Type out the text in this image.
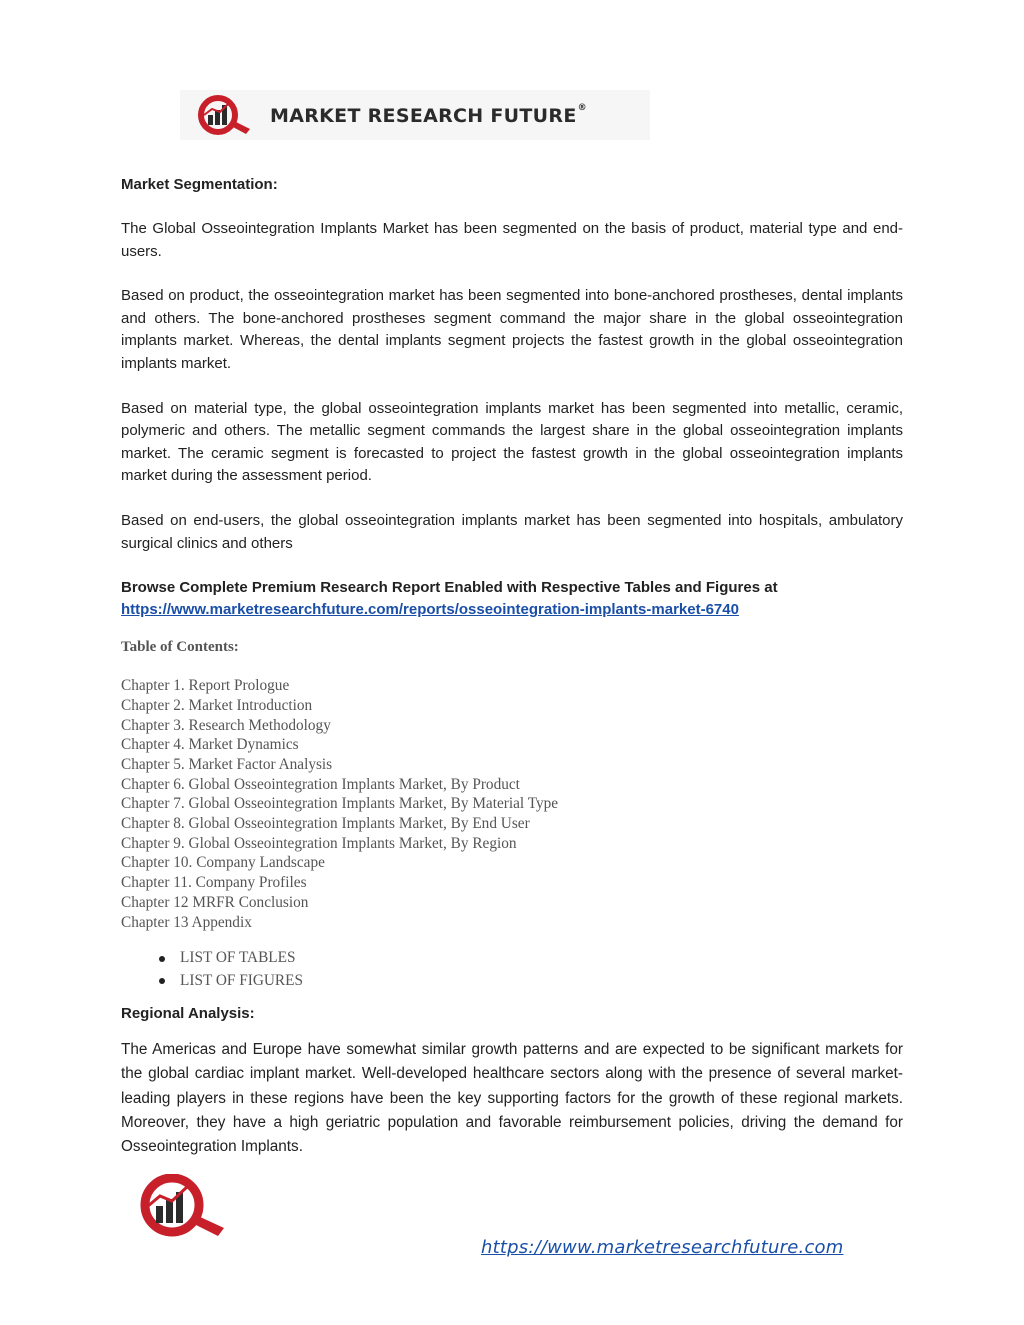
MARKET RESEARCH FUTURE®

Market Segmentation:

The Global Osseointegration Implants Market has been segmented on the basis of product, material type and end-users.

Based on product, the osseointegration market has been segmented into bone-anchored prostheses, dental implants and others. The bone-anchored prostheses segment command the major share in the global osseointegration implants market. Whereas, the dental implants segment projects the fastest growth in the global osseointegration implants market.

Based on material type, the global osseointegration implants market has been segmented into metallic, ceramic, polymeric and others. The metallic segment commands the largest share in the global osseointegration implants market. The ceramic segment is forecasted to project the fastest growth in the global osseointegration implants market during the assessment period.

Based on end-users, the global osseointegration implants market has been segmented into hospitals, ambulatory surgical clinics and others

Browse Complete Premium Research Report Enabled with Respective Tables and Figures at

https://www.marketresearchfuture.com/reports/osseointegration-implants-market-6740

Table of Contents:

Chapter 1. Report Prologue
Chapter 2. Market Introduction
Chapter 3. Research Methodology
Chapter 4. Market Dynamics
Chapter 5. Market Factor Analysis
Chapter 6. Global Osseointegration Implants Market, By Product
Chapter 7. Global Osseointegration Implants Market, By Material Type
Chapter 8. Global Osseointegration Implants Market, By End User
Chapter 9. Global Osseointegration Implants Market, By Region
Chapter 10. Company Landscape
Chapter 11. Company Profiles
Chapter 12 MRFR Conclusion
Chapter 13 Appendix
LIST OF TABLES
LIST OF FIGURES

Regional Analysis:

The Americas and Europe have somewhat similar growth patterns and are expected to be significant markets for the global cardiac implant market. Well-developed healthcare sectors along with the presence of several market-leading players in these regions have been the key supporting factors for the growth of these regional markets. Moreover, they have a high geriatric population and favorable reimbursement policies, driving the demand for Osseointegration Implants.

https://www.marketresearchfuture.com
